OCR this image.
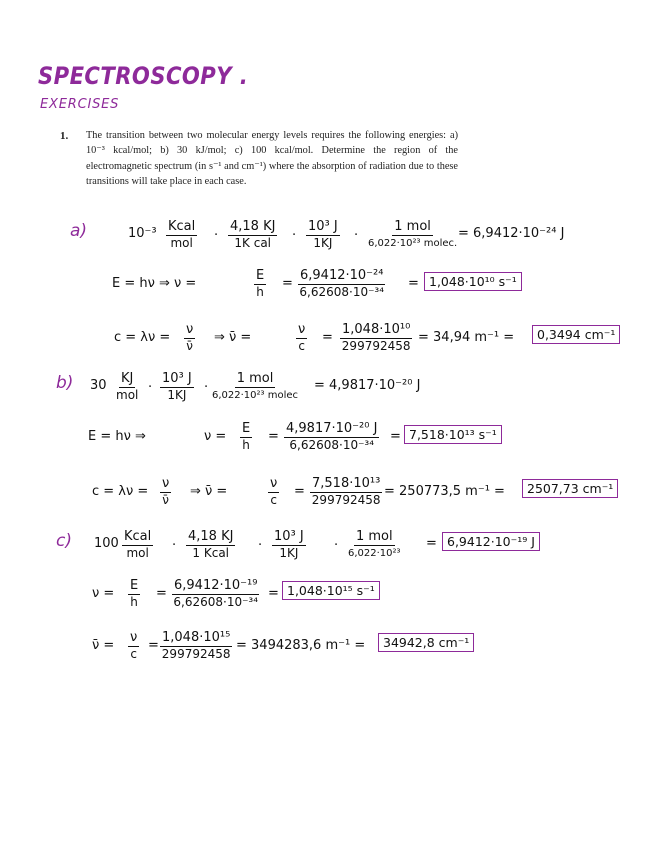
SPECTROSCOPY .
EXERCISES
1. The transition between two molecular energy levels requires the following energies: a) 10⁻³ kcal/mol; b) 30 kJ/mol; c) 100 kcal/mol. Determine the region of the electromagnetic spectrum (in s⁻¹ and cm⁻¹) where the absorption of radiation due to these transitions will take place in each case.
a)	10⁻³ Kcal
mol ·
4,18 KJ
1K cal · $\frac{\text{10³ J}}{1KJ}$ ·
1 mol
6,022·10²³ molec.
= 6,9412·10⁻²⁴ J
E = hν ⇒ ν =	$\frac{E}{h} = \frac{\text{6,9412·10⁻²⁴}}{\text{6,62608·10⁻³⁴}} = 1,048\cdot 10^{10}$ s⁻¹
$c = \lambda\nu = \frac{\nu}{\nū}$ ⇒ ν̄ =	$\frac{\nu}{c} = \frac{\text{1,048·10¹⁰}}{299792458} = 34,94$ m⁻¹ =	0,3494 cm⁻¹
b) 30 KJ
mol · $\frac{\text{10³ J}}{1KJ}$ ·
1 mol
6,022·10²³ molec
= 4,9817·10⁻²⁰ J
E = hν ⇒	$\nu = \frac{E}{h} = \frac{\text{4,9817·10⁻²⁰ J}}{\text{6,62608·10⁻³⁴}} = 7,518\cdot 10^{13}$ s⁻¹
$c = \lambda\nu = \frac{\nu}{\nū}$ ⇒ ν̄ =	$\frac{\nu}{c} = \frac{\text{7,518·10¹³}}{299792458} = 250773,5$ m⁻¹ =	2507,73 cm⁻¹
c) 100 Kcal
mol ·
4,18 KJ
1 Kcal · $\frac{\text{10³ J}}{1KJ}$ ·
1 mol
6,022·10²³
= 6,9412·10⁻¹⁹ J
$\nu = \frac{E}{h} = \frac{\text{6,9412·10⁻¹⁹}}{\text{6,62608·10⁻³⁴}} = 1,048\cdot 10^{15}$ s⁻¹
ν̄ = $\frac{\nu}{c} = \frac{\text{1,048·10¹⁵}}{299792458} = 3494283,6$ m⁻¹ =	34942,8 cm⁻¹
